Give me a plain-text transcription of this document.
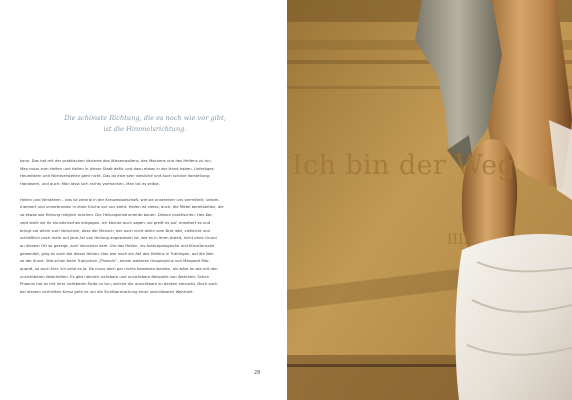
Die schönste Richtung, die es noch wie vor gibt,
ist die Himmelsrichtung.
kann. Das hat mit der praktischen Variante des Wissenwollens, des Machens und des Helfens zu tun.
Man muss zum Helfen und Heilen in dieser Stadt dafür und dazu etwas in der Hand haben. Unfertiges
Heumittern und Nichtverstehen geht nicht. Das ist eine sehr diesliche und auch schöne Vorstellung:
Handwerk, und auch: Man lässt sich nichts vormachen. Man tut es selbst.
Heilen und Verstehen – das ist zentral in der Kreuzesbotschaft, wie sie unsereiner uns vermittelt; unkom-
mentiert und unverbunden in einer Kirche vor uns steht. Heilen ist vieles, auch: die Mittel bereitstellen, die
so etwas wie Heilung möglich machen. Die Heilungsinstrumente bauen. Diesen praktischen. Heil-Kor-
zept stellt sie ihr künstlerisches entgegen. Ich könnte auch sagen: sie greift es auf, erweitert es und
bringt vor allem zum Vorschein, dass der Mensch, der auch nicht allein vom Brot lebt, vielleicht und
schließlich noch mehr auf jene Art von Heilung angewiesen ist, wie es in ihren Arbeit, nicht ohne Grund
an diesem Ort so gezeigt, zum Vorschein kam. Um das Heilen, ins Anthropologische und Künstlerische
gewendet, ging es auch bei dieser Aktion: Das war noch ein Akt des Heilens in Tuttlingen, auf die Wei-
se der Kunst. Wie schon beim Triptychon „Phoenix“, einem weiteren Hauptzyklus von Margaret Mar-
quardt, so auch hier. Ich sehe es ja. Da muss doch gar nichts bewiesen werden, als wäre es wie mit den
unsichtbaren Wahrheiten. Es gibt nämlich sichtbare und unsichtbare Beispiele von Wahrheit. Schon
Phoenix hat es mit ihrer sichtbaren Seite zu tun; welche die unsichtbare zu deuten versucht. Doch auch
bei diesem verhüllten Kreuz geht es um die Sichtbarmachung einer unsichtbaren Wahrheit.
28
Ich bin der Weg
IIII
